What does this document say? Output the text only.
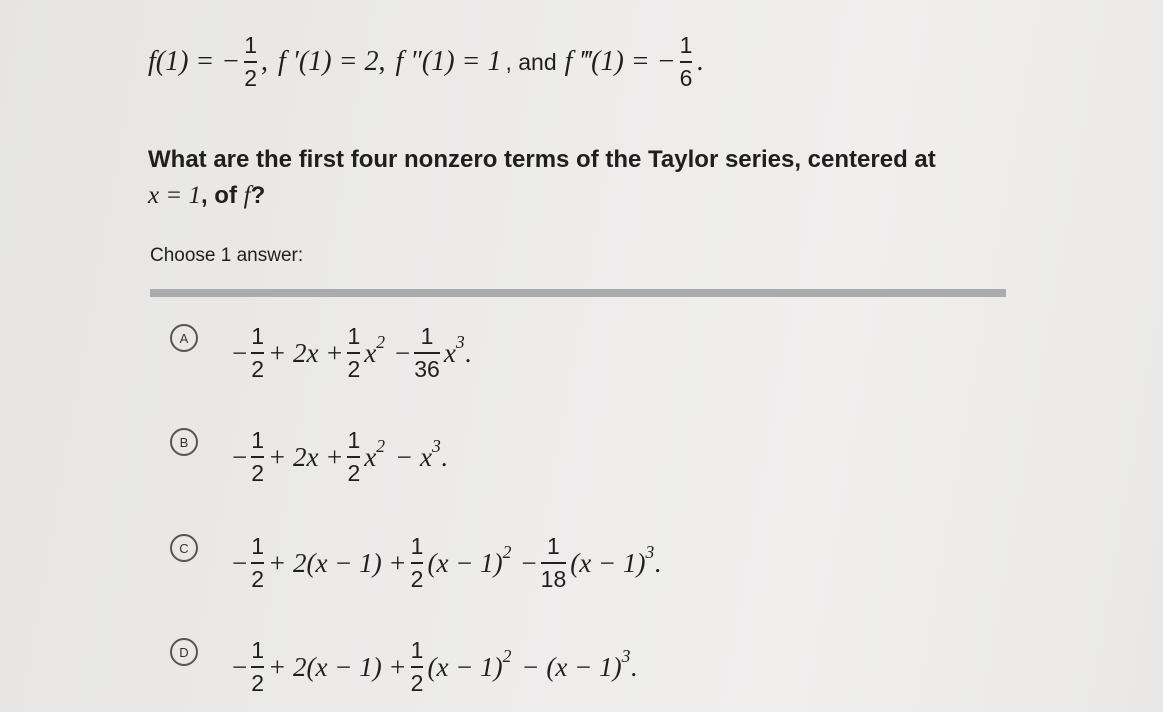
f(1) = − $\frac{1}{2}$ , f ′(1) = 2 , f ″(1) = 1 , and f ‴(1) = − $\frac{1}{6}$ .
What are the first four nonzero terms of the Taylor series, centered at
x = 1, of f?
Choose 1 answer:
A	− $\frac{1}{2} + 2x + \frac{1}{2} x^2 - \frac{1}{36} x^3$ .
B	− $\frac{1}{2} + 2x + \frac{1}{2} x^2 - x^3$ .
C	− $\frac{1}{2} + 2(x - 1) + \frac{1}{2} (x - 1)^2 - \frac{1}{18} (x - 1)^3$ .
D	− $\frac{1}{2} + 2(x - 1) + \frac{1}{2} (x - 1)^2 - (x - 1)^3$ .
